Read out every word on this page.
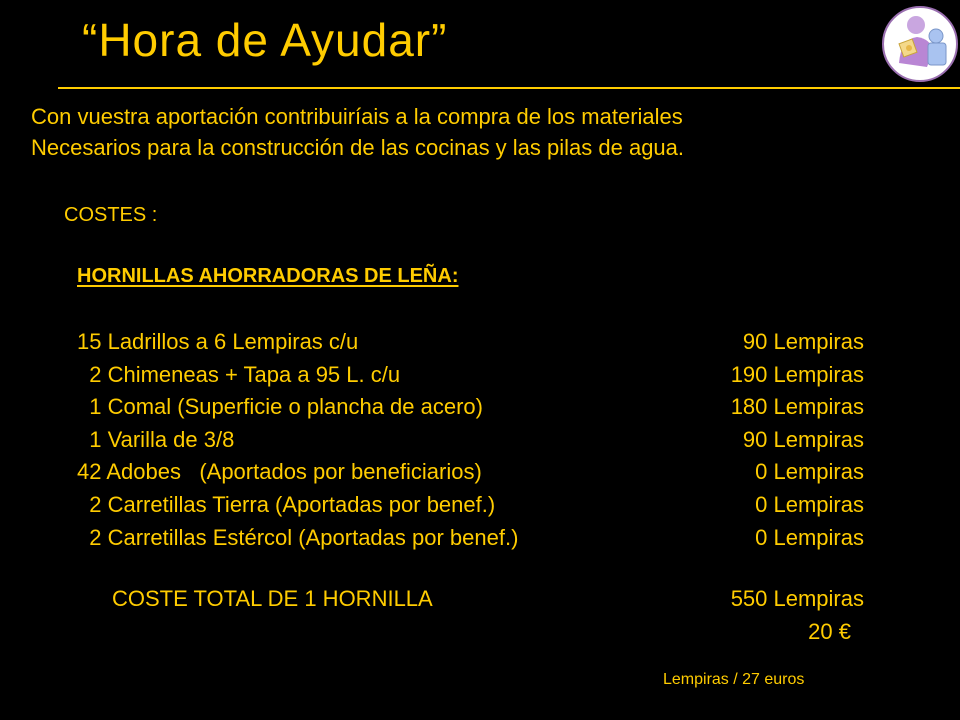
“Hora de Ayudar”
Con vuestra aportación contribuiríais a la compra de los materiales
Necesarios para la construcción de las cocinas y las pilas de agua.
COSTES :
HORNILLAS AHORRADORAS DE LEÑA:
15 Ladrillos a 6 Lempiras c/u	90 Lempiras
2 Chimeneas + Tapa a 95 L. c/u	190 Lempiras
1 Comal (Superficie o plancha de acero)	180 Lempiras
1 Varilla de 3/8	90 Lempiras
42 Adobes   (Aportados por beneficiarios)	0 Lempiras
2 Carretillas Tierra (Aportadas por benef.)	0 Lempiras
2 Carretillas Estércol (Aportadas por benef.)	0 Lempiras
COSTE TOTAL DE 1 HORNILLA	550 Lempiras
20 €
Lempiras / 27 euros
